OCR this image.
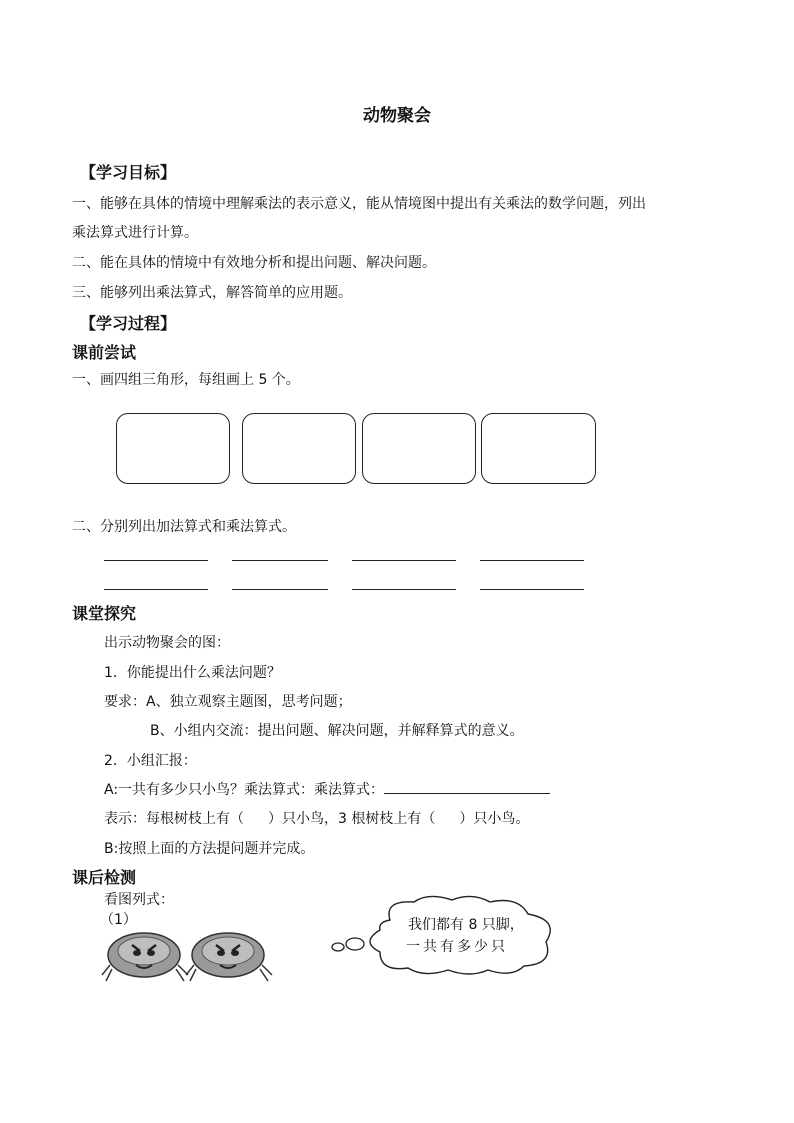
动物聚会
【学习目标】
一、能够在具体的情境中理解乘法的表示意义，能从情境图中提出有关乘法的数学问题，列出
乘法算式进行计算。
二、能在具体的情境中有效地分析和提出问题、解决问题。
三、能够列出乘法算式，解答简单的应用题。
【学习过程】
课前尝试
一、画四组三角形，每组画上 5 个。
二、分别列出加法算式和乘法算式。
课堂探究
出示动物聚会的图：
1．你能提出什么乘法问题？
要求：A、独立观察主题图，思考问题；
B、小组内交流：提出问题、解决问题，并解释算式的意义。
2．小组汇报：
A:一共有多少只小鸟？乘法算式：乘法算式：
表示：每根树枝上有（ ）只小鸟，3 根树枝上有（ ）只小鸟。
B:按照上面的方法提问题并完成。
课后检测
看图列式：
（1）	我们都有 8 只脚，
一共有多少只
